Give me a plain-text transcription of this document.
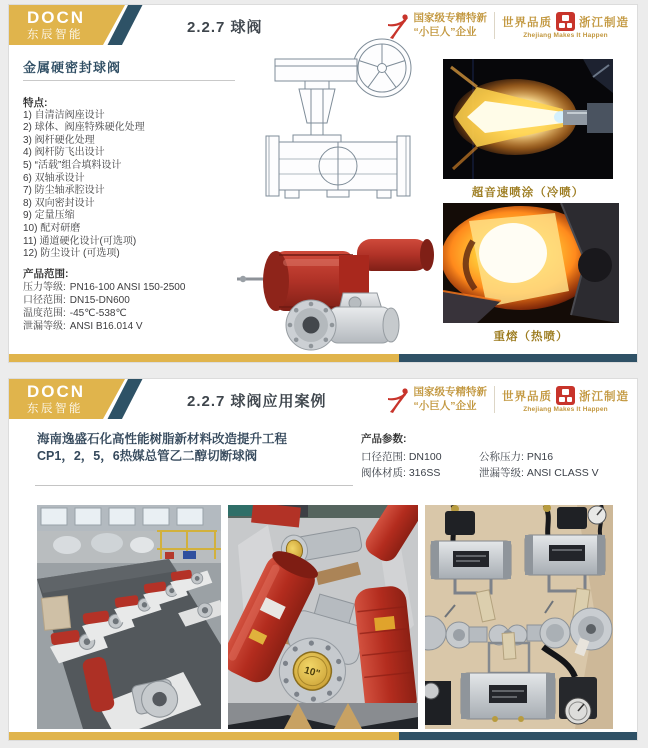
DOCN
东辰智能	2.2.7 球阀
国家级专精特新
“小巨人”企业
世界品质 浙江制造
Zhejiang Makes It Happen
金属硬密封球阀
特点:
1) 自清洁阀座设计
2) 球体、阀座特殊硬化处理
3) 阀杆硬化处理
4) 阀杆防飞出设计
5) “活载”组合填料设计
6) 双轴承设计
7) 防尘轴承腔设计
8) 双向密封设计
9) 定量压缩
10) 配对研磨
11) 通道硬化设计(可选项)
12) 防尘设计 (可选项)
产品范围:
压力等级: PN16-100 ANSI 150-2500
口径范围: DN15-DN600
温度范围: -45℃-538℃
泄漏等级: ANSI B16.014 V
超音速喷涂（冷喷）
重熔（热喷）
DOCN
东辰智能	2.2.7 球阀应用案例
国家级专精特新
“小巨人”企业
世界品质 浙江制造
Zhejiang Makes It Happen
海南逸盛石化高性能树脂新材料改造提升工程
CP1，2，5，6热媒总管乙二醇切断球阀
产品参数:
口径范围: DN100	公称压力: PN16
阀体材质: 316SS	泄漏等级: ANSI CLASS V
10"
